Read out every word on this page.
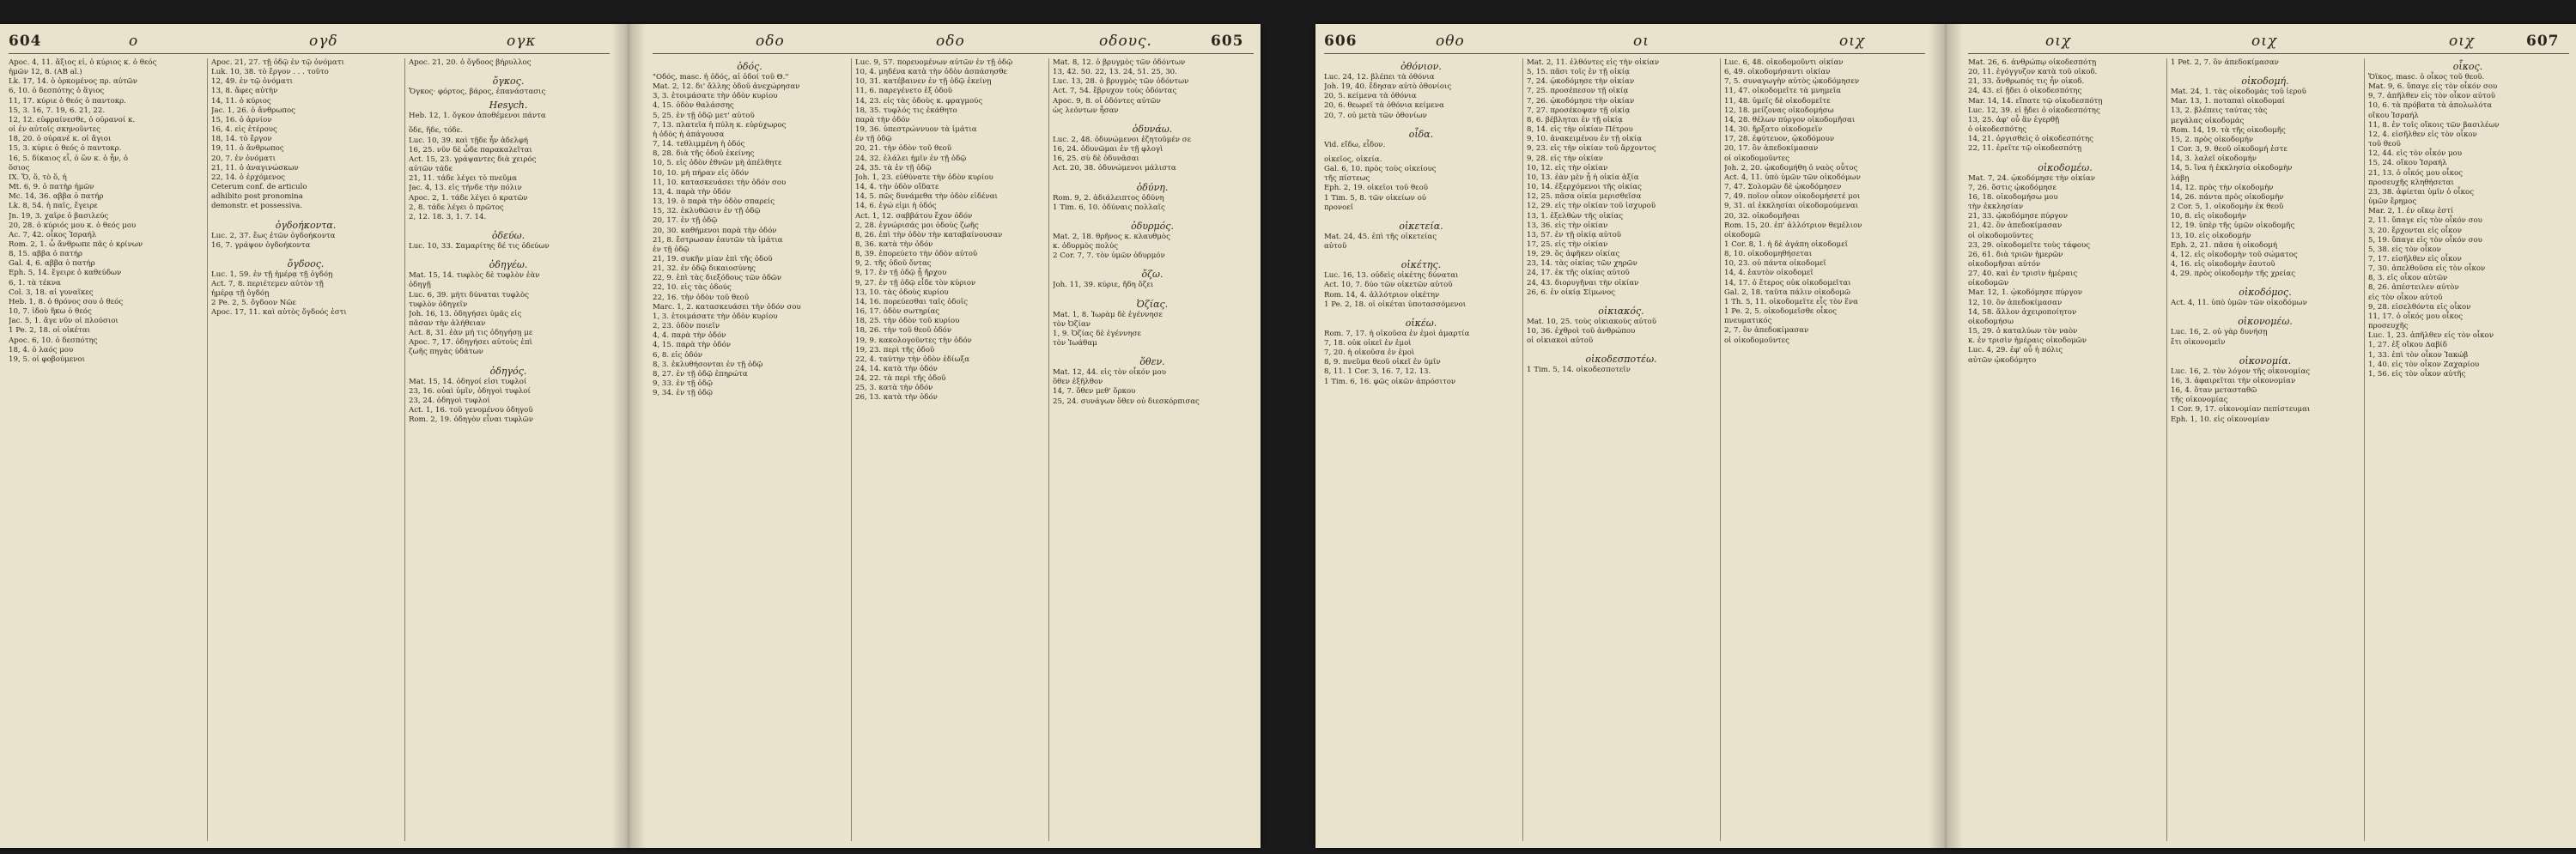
604	ο	ογδ	ογκ
Apoc. 4, 11. ἄξιος εἶ, ὁ κύριος κ. ὁ θεός
ἡμῶν 12, 8. (AB al.)
Lk. 17, 14. ὁ ὁρκομένος πρ. αὐτῶν
6, 10. ὁ δεσπότης ὁ ἅγιος
11, 17. κύριε ὁ θεός ὁ παντοκρ.
15, 3. 16, 7. 19, 6. 21, 22.
12, 12. εὐφραίνεσθε, ὁ οὐρανοί κ.
οἱ ἐν αὐτοῖς σκηνοῦντες
18, 20. ὁ οὐρανέ κ. οἱ ἅγιοι
15, 3. κύριε ὁ θεός ὁ παντοκρ.
16, 5. δίκαιος εἶ, ὁ ὢν κ. ὁ ἦν, ὁ
ὅσιος
IX. Ὅ, ὅ, τὸ ὅ, ἡ
Mt. 6, 9. ὁ πατὴρ ἡμῶν
Mc. 14, 36. αββα ὁ πατήρ
Lk. 8, 54. ἡ παῖς, ἔγειρε
Jn. 19, 3. χαῖρε ὁ βασιλεύς
20, 28. ὁ κύριός μου κ. ὁ θεός μου
Ac. 7, 42. οἶκος Ἰσραήλ
Rom. 2, 1. ὦ ἄνθρωπε πᾶς ὁ κρίνων
8, 15. αββα ὁ πατήρ
Gal. 4, 6. αββα ὁ πατήρ
Eph. 5, 14. ἔγειρε ὁ καθεύδων
6, 1. τὰ τέκνα
Col. 3, 18. αἱ γυναῖκες
Heb. 1, 8. ὁ θρόνος σου ὁ θεός
10, 7. ἰδοὺ ἥκω ὁ θεός
Jac. 5, 1. ἄγε νῦν οἱ πλούσιοι
1 Pe. 2, 18. οἱ οἰκέται
Apoc. 6, 10. ὁ δεσπότης
18, 4. ὁ λαός μου
19, 5. οἱ φοβούμενοι
Apoc. 21, 27. τῇ ὁδῷ ἐν τῷ ὀνόματι
Luk. 10, 38. τὸ ἔργον . . . τοῦτο
12, 49. ἐν τῷ ὀνόματι
13, 8. ἄφες αὐτὴν
14, 11. ὁ κύριος
Jac. 1, 26. ὁ ἄνθρωπος
15, 16. ὁ ἀρνίον
16, 4. εἰς ἑτέρους
18, 14. τὸ ἔργον
19, 11. ὁ ἄνθρωπος
20, 7. ἐν ὀνόματι
21, 11. ὁ ἀναγινώσκων
22, 14. ὁ ἐρχόμενος
Ceterum conf. de articulo
adhibito post pronomina
demonstr. et possessiva.
ὀγδοήκοντα.
Luc. 2, 37. ἕως ἐτῶν ὀγδοήκοντα
16, 7. γράψον ὀγδοήκοντα
ὄγδοος.
Luc. 1, 59. ἐν τῇ ἡμέρᾳ τῇ ὀγδόῃ
Act. 7, 8. περιέτεμεν αὐτὸν τῇ
ἡμέρᾳ τῇ ὀγδόῃ
2 Pe. 2, 5. ὄγδοον Νῶε
Apoc. 17, 11. καὶ αὐτὸς ὄγδοός ἐστι
Apoc. 21, 20. ὁ ὄγδοος βήρυλλος
ὄγκος.
Ὄγκος· φόρτος, βάρος, ἐπανάστασις
Hesych.
Heb. 12, 1. ὄγκον ἀποθέμενοι πάντα
ὅδε, ἥδε, τόδε.
Luc. 10, 39. καὶ τῇδε ἦν ἀδελφή
16, 25. νῦν δὲ ὧδε παρακαλεῖται
Act. 15, 23. γράψαντες διὰ χειρός
αὐτῶν τάδε
21, 11. τάδε λέγει τὸ πνεῦμα
Jac. 4, 13. εἰς τήνδε τὴν πόλιν
Apoc. 2, 1. τάδε λέγει ὁ κρατῶν
2, 8. τάδε λέγει ὁ πρῶτος
2, 12. 18. 3, 1. 7. 14.
ὁδεύω.
Luc. 10, 33. Σαμαρίτης δέ τις ὁδεύων
ὁδηγέω.
Mat. 15, 14. τυφλὸς δὲ τυφλὸν ἐὰν
ὁδηγῇ
Luc. 6, 39. μήτι δύναται τυφλὸς
τυφλὸν ὁδηγεῖν
Joh. 16, 13. ὁδηγήσει ὑμᾶς εἰς
πᾶσαν τὴν ἀλήθειαν
Act. 8, 31. ἐὰν μή τις ὁδηγήσῃ με
Apoc. 7, 17. ὁδηγήσει αὐτοὺς ἐπὶ
ζωῆς πηγὰς ὑδάτων
ὁδηγός.
Mat. 15, 14. ὁδηγοί εἰσι τυφλοί
23, 16. οὐαὶ ὑμῖν, ὁδηγοὶ τυφλοί
23, 24. ὁδηγοὶ τυφλοί
Act. 1, 16. τοῦ γενομένου ὁδηγοῦ
Rom. 2, 19. ὁδηγὸν εἶναι τυφλῶν
οδο	οδο	οδους.	605
ὁδός.
"Οδός, masc. ἡ ὁδός, αἱ ὁδοί τοῦ Θ."
Mat. 2, 12. δι' ἄλλης ὁδοῦ ἀνεχώρησαν
3, 3. ἑτοιμάσατε τὴν ὁδὸν κυρίου
4, 15. ὁδὸν θαλάσσης
5, 25. ἐν τῇ ὁδῷ μετ' αὐτοῦ
7, 13. πλατεῖα ἡ πύλη κ. εὐρύχωρος
ἡ ὁδὸς ἡ ἀπάγουσα
7, 14. τεθλιμμένη ἡ ὁδός
8, 28. διὰ τῆς ὁδοῦ ἐκείνης
10, 5. εἰς ὁδὸν ἐθνῶν μὴ ἀπέλθητε
10, 10. μὴ πήραν εἰς ὁδόν
11, 10. κατασκευάσει τὴν ὁδόν σου
13, 4. παρὰ τὴν ὁδόν
13, 19. ὁ παρὰ τὴν ὁδὸν σπαρείς
15, 32. ἐκλυθῶσιν ἐν τῇ ὁδῷ
20, 17. ἐν τῇ ὁδῷ
20, 30. καθήμενοι παρὰ τὴν ὁδόν
21, 8. ἔστρωσαν ἑαυτῶν τὰ ἱμάτια
ἐν τῇ ὁδῷ
21, 19. συκῆν μίαν ἐπὶ τῆς ὁδοῦ
21, 32. ἐν ὁδῷ δικαιοσύνης
22, 9. ἐπὶ τὰς διεξόδους τῶν ὁδῶν
22, 10. εἰς τὰς ὁδούς
22, 16. τὴν ὁδὸν τοῦ θεοῦ
Marc. 1, 2. κατασκευάσει τὴν ὁδόν σου
1, 3. ἑτοιμάσατε τὴν ὁδὸν κυρίου
2, 23. ὁδὸν ποιεῖν
4, 4. παρὰ τὴν ὁδόν
4, 15. παρὰ τὴν ὁδόν
6, 8. εἰς ὁδόν
8, 3. ἐκλυθήσονται ἐν τῇ ὁδῷ
8, 27. ἐν τῇ ὁδῷ ἐπηρώτα
9, 33. ἐν τῇ ὁδῷ
9, 34. ἐν τῇ ὁδῷ
Luc. 9, 57. πορευομένων αὐτῶν ἐν τῇ ὁδῷ
10, 4. μηδένα κατὰ τὴν ὁδὸν ἀσπάσησθε
10, 31. κατέβαινεν ἐν τῇ ὁδῷ ἐκείνῃ
11, 6. παρεγένετο ἐξ ὁδοῦ
14, 23. εἰς τὰς ὁδοὺς κ. φραγμούς
18, 35. τυφλός τις ἐκάθητο
παρὰ τὴν ὁδόν
19, 36. ὑπεστρώννυον τὰ ἱμάτια
ἐν τῇ ὁδῷ
20, 21. τὴν ὁδὸν τοῦ θεοῦ
24, 32. ἐλάλει ἡμῖν ἐν τῇ ὁδῷ
24, 35. τὰ ἐν τῇ ὁδῷ
Joh. 1, 23. εὐθύνατε τὴν ὁδὸν κυρίου
14, 4. τὴν ὁδὸν οἴδατε
14, 5. πῶς δυνάμεθα τὴν ὁδὸν εἰδέναι
14, 6. ἐγώ εἰμι ἡ ὁδός
Act. 1, 12. σαββάτου ἔχον ὁδόν
2, 28. ἐγνώρισάς μοι ὁδοὺς ζωῆς
8, 26. ἐπὶ τὴν ὁδὸν τὴν καταβαίνουσαν
8, 36. κατὰ τὴν ὁδόν
8, 39. ἐπορεύετο τὴν ὁδὸν αὐτοῦ
9, 2. τῆς ὁδοῦ ὄντας
9, 17. ἐν τῇ ὁδῷ ᾗ ἤρχου
9, 27. ἐν τῇ ὁδῷ εἶδε τὸν κύριον
13, 10. τὰς ὁδοὺς κυρίου
14, 16. πορεύεσθαι ταῖς ὁδοῖς
16, 17. ὁδὸν σωτηρίας
18, 25. τὴν ὁδὸν τοῦ κυρίου
18, 26. τὴν τοῦ θεοῦ ὁδόν
19, 9. κακολογοῦντες τὴν ὁδόν
19, 23. περὶ τῆς ὁδοῦ
22, 4. ταύτην τὴν ὁδὸν ἐδίωξα
24, 14. κατὰ τὴν ὁδόν
24, 22. τὰ περὶ τῆς ὁδοῦ
25, 3. κατὰ τὴν ὁδόν
26, 13. κατὰ τὴν ὁδόν
Mat. 8, 12. ὁ βρυγμὸς τῶν ὀδόντων
13, 42. 50. 22, 13. 24, 51. 25, 30.
Luc. 13, 28. ὁ βρυγμὸς τῶν ὀδόντων
Act. 7, 54. ἔβρυχον τοὺς ὀδόντας
Apoc. 9, 8. οἱ ὀδόντες αὐτῶν
ὡς λεόντων ἦσαν
ὀδυνάω.
Luc. 2, 48. ὀδυνώμενοι ἐζητοῦμέν σε
16, 24. ὀδυνῶμαι ἐν τῇ φλογὶ
16, 25. σὺ δὲ ὀδυνᾶσαι
Act. 20, 38. ὀδυνώμενοι μάλιστα
ὀδύνη.
Rom. 9, 2. ἀδιάλειπτος ὀδύνη
1 Tim. 6, 10. ὀδύναις πολλαῖς
ὀδυρμός.
Mat. 2, 18. θρῆνος κ. κλαυθμὸς
κ. ὀδυρμὸς πολύς
2 Cor. 7, 7. τὸν ὑμῶν ὀδυρμόν
ὄζω.
Joh. 11, 39. κύριε, ἤδη ὄζει
Ὀζίας.
Mat. 1, 8. Ἰωρὰμ δὲ ἐγέννησε
τὸν Ὀζίαν
1, 9. Ὀζίας δὲ ἐγέννησε
τὸν Ἰωάθαμ
ὅθεν.
Mat. 12, 44. εἰς τὸν οἶκόν μου
ὅθεν ἐξῆλθον
14, 7. ὅθεν μεθ' ὅρκου
25, 24. συνάγων ὅθεν οὐ διεσκόρπισας
606	οθο	οι	οιχ
ὀθόνιον.
Luc. 24, 12. βλέπει τὰ ὀθόνια
Joh. 19, 40. ἔδησαν αὐτὸ ὀθονίοις
20, 5. κείμενα τὰ ὀθόνια
20, 6. θεωρεῖ τὰ ὀθόνια κείμενα
20, 7. οὐ μετὰ τῶν ὀθονίων
οἶδα.
Vid. εἴδω, εἶδον.
οἰκεῖος, οἰκεία.
Gal. 6, 10. πρὸς τοὺς οἰκείους
τῆς πίστεως
Eph. 2, 19. οἰκεῖοι τοῦ θεοῦ
1 Tim. 5, 8. τῶν οἰκείων οὐ
προνοεῖ
οἰκετεία.
Mat. 24, 45. ἐπὶ τῆς οἰκετείας
αὐτοῦ
οἰκέτης.
Luc. 16, 13. οὐδεὶς οἰκέτης δύναται
Act. 10, 7. δύο τῶν οἰκετῶν αὐτοῦ
Rom. 14, 4. ἀλλότριον οἰκέτην
1 Pe. 2, 18. οἱ οἰκέται ὑποτασσόμενοι
οἰκέω.
Rom. 7, 17. ἡ οἰκοῦσα ἐν ἐμοὶ ἁμαρτία
7, 18. οὐκ οἰκεῖ ἐν ἐμοὶ
7, 20. ἡ οἰκοῦσα ἐν ἐμοὶ
8, 9. πνεῦμα θεοῦ οἰκεῖ ἐν ὑμῖν
8, 11. 1 Cor. 3, 16. 7, 12. 13.
1 Tim. 6, 16. φῶς οἰκῶν ἀπρόσιτον
Mat. 2, 11. ἐλθόντες εἰς τὴν οἰκίαν
5, 15. πᾶσι τοῖς ἐν τῇ οἰκίᾳ
7, 24. ᾠκοδόμησε τὴν οἰκίαν
7, 25. προσέπεσον τῇ οἰκίᾳ
7, 26. ᾠκοδόμησε τὴν οἰκίαν
7, 27. προσέκοψαν τῇ οἰκίᾳ
8, 6. βέβληται ἐν τῇ οἰκίᾳ
8, 14. εἰς τὴν οἰκίαν Πέτρου
9, 10. ἀνακειμένου ἐν τῇ οἰκίᾳ
9, 23. εἰς τὴν οἰκίαν τοῦ ἄρχοντος
9, 28. εἰς τὴν οἰκίαν
10, 12. εἰς τὴν οἰκίαν
10, 13. ἐὰν μὲν ᾖ ἡ οἰκία ἀξία
10, 14. ἐξερχόμενοι τῆς οἰκίας
12, 25. πᾶσα οἰκία μερισθεῖσα
12, 29. εἰς τὴν οἰκίαν τοῦ ἰσχυροῦ
13, 1. ἐξελθὼν τῆς οἰκίας
13, 36. εἰς τὴν οἰκίαν
13, 57. ἐν τῇ οἰκίᾳ αὐτοῦ
17, 25. εἰς τὴν οἰκίαν
19, 29. ὃς ἀφῆκεν οἰκίας
23, 14. τὰς οἰκίας τῶν χηρῶν
24, 17. ἐκ τῆς οἰκίας αὐτοῦ
24, 43. διορυγῆναι τὴν οἰκίαν
26, 6. ἐν οἰκίᾳ Σίμωνος
οἰκιακός.
Mat. 10, 25. τοὺς οἰκιακοὺς αὐτοῦ
10, 36. ἐχθροὶ τοῦ ἀνθρώπου
οἱ οἰκιακοὶ αὐτοῦ
οἰκοδεσποτέω.
1 Tim. 5, 14. οἰκοδεσποτεῖν
Luc. 6, 48. οἰκοδομοῦντι οἰκίαν
6, 49. οἰκοδομήσαντι οἰκίαν
7, 5. συναγωγὴν αὐτὸς ᾠκοδόμησεν
11, 47. οἰκοδομεῖτε τὰ μνημεῖα
11, 48. ὑμεῖς δὲ οἰκοδομεῖτε
12, 18. μείζονας οἰκοδομήσω
14, 28. θέλων πύργον οἰκοδομῆσαι
14, 30. ἤρξατο οἰκοδομεῖν
17, 28. ἐφύτευον, ᾠκοδόμουν
20, 17. ὃν ἀπεδοκίμασαν
οἱ οἰκοδομοῦντες
Joh. 2, 20. ᾠκοδομήθη ὁ ναὸς οὗτος
Act. 4, 11. ὑπὸ ὑμῶν τῶν οἰκοδόμων
7, 47. Σολομῶν δὲ ᾠκοδόμησεν
7, 49. ποῖον οἶκον οἰκοδομήσετέ μοι
9, 31. αἱ ἐκκλησίαι οἰκοδομούμεναι
20, 32. οἰκοδομῆσαι
Rom. 15, 20. ἐπ' ἀλλότριον θεμέλιον
οἰκοδομῶ
1 Cor. 8, 1. ἡ δὲ ἀγάπη οἰκοδομεῖ
8, 10. οἰκοδομηθήσεται
10, 23. οὐ πάντα οἰκοδομεῖ
14, 4. ἑαυτὸν οἰκοδομεῖ
14, 17. ὁ ἕτερος οὐκ οἰκοδομεῖται
Gal. 2, 18. ταῦτα πάλιν οἰκοδομῶ
1 Th. 5, 11. οἰκοδομεῖτε εἷς τὸν ἕνα
1 Pe. 2, 5. οἰκοδομεῖσθε οἶκος
πνευματικός
2, 7. ὃν ἀπεδοκίμασαν
οἱ οἰκοδομοῦντες
οιχ	οιχ	οιχ	607
Mat. 26, 6. ἀνθρώπῳ οἰκοδεσπότῃ
20, 11. ἐγόγγυζον κατὰ τοῦ οἰκοδ.
21, 33. ἄνθρωπός τις ἦν οἰκοδ.
24, 43. εἰ ᾔδει ὁ οἰκοδεσπότης
Mar. 14, 14. εἴπατε τῷ οἰκοδεσπότῃ
Luc. 12, 39. εἰ ᾔδει ὁ οἰκοδεσπότης
13, 25. ἀφ' οὗ ἂν ἐγερθῇ
ὁ οἰκοδεσπότης
14, 21. ὀργισθεὶς ὁ οἰκοδεσπότης
22, 11. ἐρεῖτε τῷ οἰκοδεσπότῃ
οἰκοδομέω.
Mat. 7, 24. ᾠκοδόμησε τὴν οἰκίαν
7, 26. ὅστις ᾠκοδόμησε
16, 18. οἰκοδομήσω μου
τὴν ἐκκλησίαν
21, 33. ᾠκοδόμησε πύργον
21, 42. ὃν ἀπεδοκίμασαν
οἱ οἰκοδομοῦντες
23, 29. οἰκοδομεῖτε τοὺς τάφους
26, 61. διὰ τριῶν ἡμερῶν
οἰκοδομῆσαι αὐτόν
27, 40. καὶ ἐν τρισὶν ἡμέραις
οἰκοδομῶν
Mar. 12, 1. ᾠκοδόμησε πύργον
12, 10. ὃν ἀπεδοκίμασαν
14, 58. ἄλλον ἀχειροποίητον
οἰκοδομήσω
15, 29. ὁ καταλύων τὸν ναὸν
κ. ἐν τρισὶν ἡμέραις οἰκοδομῶν
Luc. 4, 29. ἐφ' οὗ ἡ πόλις
αὐτῶν ᾠκοδόμητο
1 Pet. 2, 7. ὃν ἀπεδοκίμασαν
οἰκοδομή.
Mat. 24, 1. τὰς οἰκοδομὰς τοῦ ἱεροῦ
Mar. 13, 1. ποταπαὶ οἰκοδομαί
13, 2. βλέπεις ταύτας τὰς
μεγάλας οἰκοδομάς
Rom. 14, 19. τὰ τῆς οἰκοδομῆς
15, 2. πρὸς οἰκοδομήν
1 Cor. 3, 9. θεοῦ οἰκοδομή ἐστε
14, 3. λαλεῖ οἰκοδομήν
14, 5. ἵνα ἡ ἐκκλησία οἰκοδομὴν
λάβῃ
14, 12. πρὸς τὴν οἰκοδομὴν
14, 26. πάντα πρὸς οἰκοδομὴν
2 Cor. 5, 1. οἰκοδομὴν ἐκ θεοῦ
10, 8. εἰς οἰκοδομήν
12, 19. ὑπὲρ τῆς ὑμῶν οἰκοδομῆς
13, 10. εἰς οἰκοδομήν
Eph. 2, 21. πᾶσα ἡ οἰκοδομή
4, 12. εἰς οἰκοδομὴν τοῦ σώματος
4, 16. εἰς οἰκοδομὴν ἑαυτοῦ
4, 29. πρὸς οἰκοδομὴν τῆς χρείας
οἰκοδόμος.
Act. 4, 11. ὑπὸ ὑμῶν τῶν οἰκοδόμων
οἰκονομέω.
Luc. 16, 2. οὐ γὰρ δυνήσῃ
ἔτι οἰκονομεῖν
οἰκονομία.
Luc. 16, 2. τὸν λόγον τῆς οἰκονομίας
16, 3. ἀφαιρεῖται τὴν οἰκονομίαν
16, 4. ὅταν μετασταθῶ
τῆς οἰκονομίας
1 Cor. 9, 17. οἰκονομίαν πεπίστευμαι
Eph. 1, 10. εἰς οἰκονομίαν
οἶκος.
Ὄϊκος, masc. ὁ οἶκος τοῦ θεοῦ.
Mat. 9, 6. ὕπαγε εἰς τὸν οἶκόν σου
9, 7. ἀπῆλθεν εἰς τὸν οἶκον αὐτοῦ
10, 6. τὰ πρόβατα τὰ ἀπολωλότα
οἴκου Ἰσραήλ
11, 8. ἐν τοῖς οἴκοις τῶν βασιλέων
12, 4. εἰσῆλθεν εἰς τὸν οἶκον
τοῦ θεοῦ
12, 44. εἰς τὸν οἶκόν μου
15, 24. οἴκου Ἰσραήλ
21, 13. ὁ οἶκός μου οἶκος
προσευχῆς κληθήσεται
23, 38. ἀφίεται ὑμῖν ὁ οἶκος
ὑμῶν ἔρημος
Mar. 2, 1. ἐν οἴκῳ ἐστί
2, 11. ὕπαγε εἰς τὸν οἶκόν σου
3, 20. ἔρχονται εἰς οἶκον
5, 19. ὕπαγε εἰς τὸν οἶκόν σου
5, 38. εἰς τὸν οἶκον
7, 17. εἰσῆλθεν εἰς οἶκον
7, 30. ἀπελθοῦσα εἰς τὸν οἶκον
8, 3. εἰς οἶκον αὐτῶν
8, 26. ἀπέστειλεν αὐτὸν
εἰς τὸν οἶκον αὐτοῦ
9, 28. εἰσελθόντα εἰς οἶκον
11, 17. ὁ οἶκός μου οἶκος
προσευχῆς
Luc. 1, 23. ἀπῆλθεν εἰς τὸν οἶκον
1, 27. ἐξ οἴκου Δαβίδ
1, 33. ἐπὶ τὸν οἶκον Ἰακώβ
1, 40. εἰς τὸν οἶκον Ζαχαρίου
1, 56. εἰς τὸν οἶκον αὐτῆς
